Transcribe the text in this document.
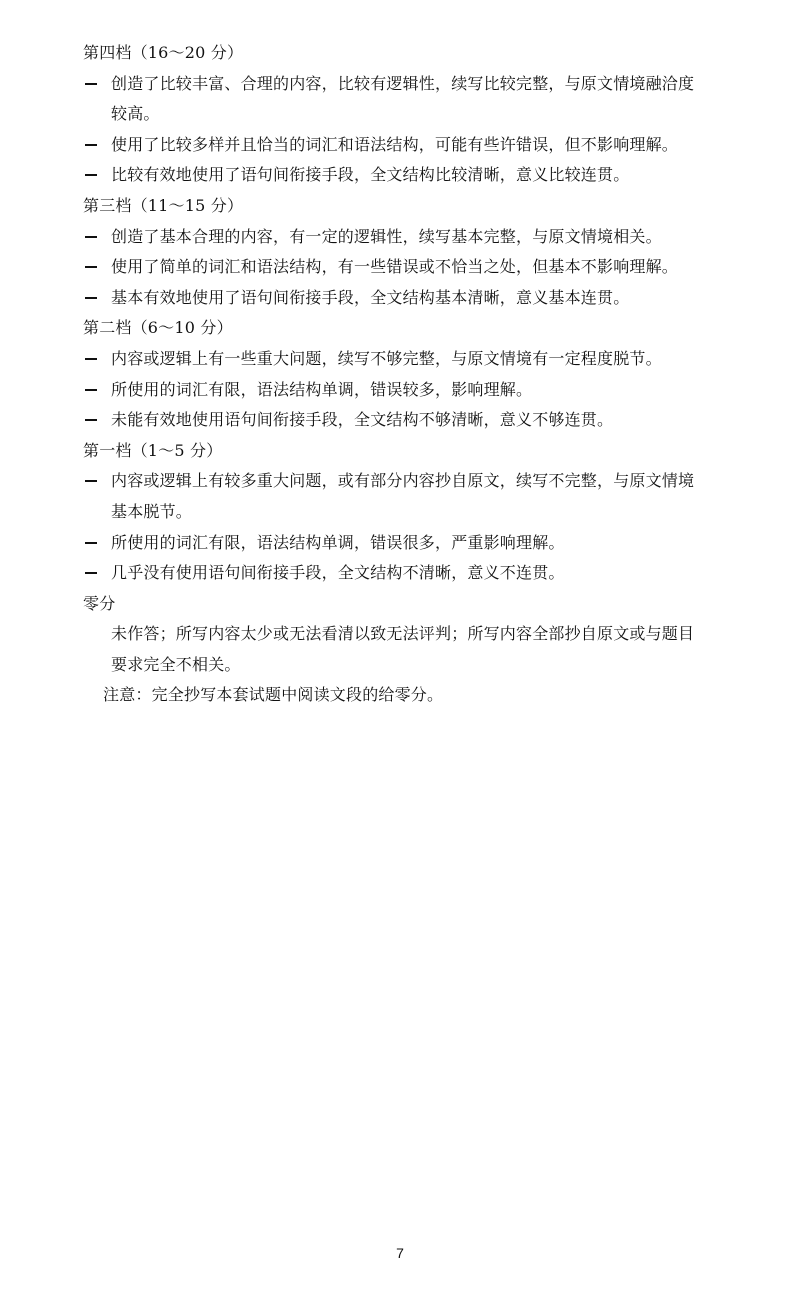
第四档（16～20 分）
创造了比较丰富、合理的内容，比较有逻辑性，续写比较完整，与原文情境融洽度
较高。
使用了比较多样并且恰当的词汇和语法结构，可能有些许错误，但不影响理解。
比较有效地使用了语句间衔接手段，全文结构比较清晰，意义比较连贯。
第三档（11～15 分）
创造了基本合理的内容，有一定的逻辑性，续写基本完整，与原文情境相关。
使用了简单的词汇和语法结构，有一些错误或不恰当之处，但基本不影响理解。
基本有效地使用了语句间衔接手段，全文结构基本清晰，意义基本连贯。
第二档（6～10 分）
内容或逻辑上有一些重大问题，续写不够完整，与原文情境有一定程度脱节。
所使用的词汇有限，语法结构单调，错误较多，影响理解。
未能有效地使用语句间衔接手段，全文结构不够清晰，意义不够连贯。
第一档（1～5 分）
内容或逻辑上有较多重大问题，或有部分内容抄自原文，续写不完整，与原文情境
基本脱节。
所使用的词汇有限，语法结构单调，错误很多，严重影响理解。
几乎没有使用语句间衔接手段，全文结构不清晰，意义不连贯。
零分
未作答；所写内容太少或无法看清以致无法评判；所写内容全部抄自原文或与题目
要求完全不相关。
注意：完全抄写本套试题中阅读文段的给零分。
7
